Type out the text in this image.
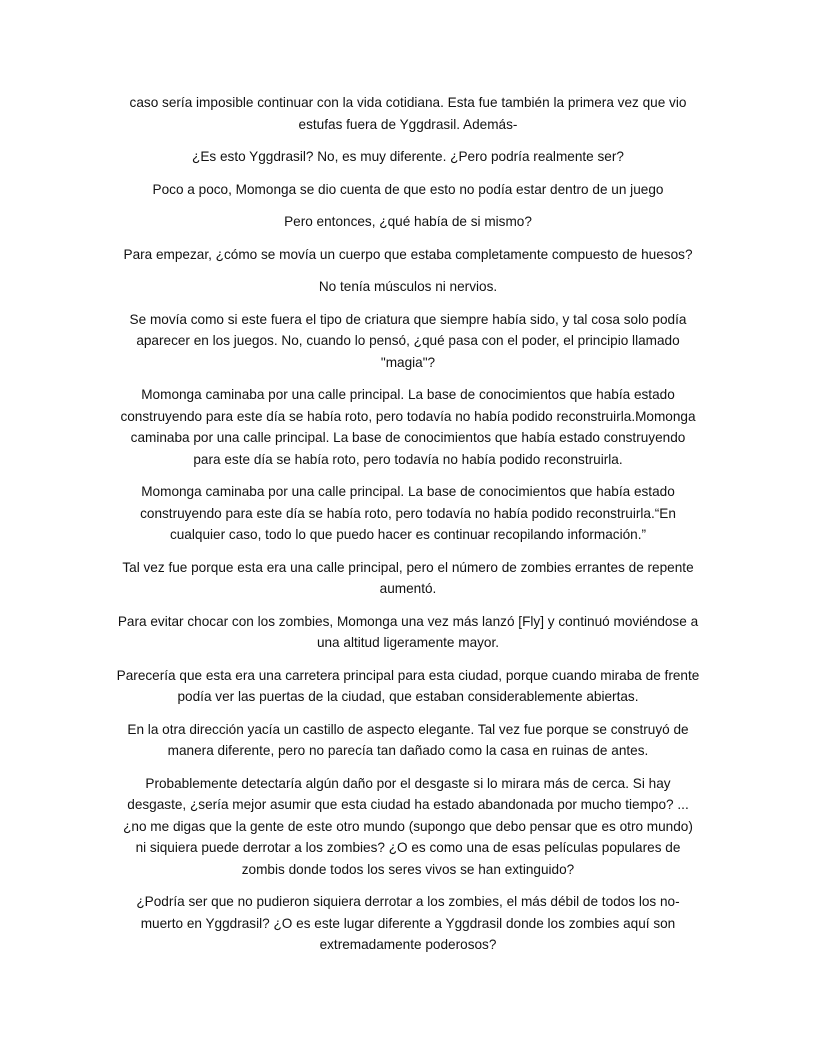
caso sería imposible continuar con la vida cotidiana. Esta fue también la primera vez que vio estufas fuera de Yggdrasil. Además-

¿Es esto Yggdrasil? No, es muy diferente. ¿Pero podría realmente ser?

Poco a poco, Momonga se dio cuenta de que esto no podía estar dentro de un juego

Pero entonces, ¿qué había de si mismo?

Para empezar, ¿cómo se movía un cuerpo que estaba completamente compuesto de huesos?

No tenía músculos ni nervios.

Se movía como si este fuera el tipo de criatura que siempre había sido, y tal cosa solo podía aparecer en los juegos. No, cuando lo pensó, ¿qué pasa con el poder, el principio llamado "magia"?

Momonga caminaba por una calle principal. La base de conocimientos que había estado construyendo para este día se había roto, pero todavía no había podido reconstruirla.Momonga caminaba por una calle principal. La base de conocimientos que había estado construyendo para este día se había roto, pero todavía no había podido reconstruirla.

Momonga caminaba por una calle principal. La base de conocimientos que había estado construyendo para este día se había roto, pero todavía no había podido reconstruirla.“En cualquier caso, todo lo que puedo hacer es continuar recopilando información.”

Tal vez fue porque esta era una calle principal, pero el número de zombies errantes de repente aumentó.

Para evitar chocar con los zombies, Momonga una vez más lanzó [Fly] y continuó moviéndose a una altitud ligeramente mayor.

Parecería que esta era una carretera principal para esta ciudad, porque cuando miraba de frente podía ver las puertas de la ciudad, que estaban considerablemente abiertas.

En la otra dirección yacía un castillo de aspecto elegante. Tal vez fue porque se construyó de manera diferente, pero no parecía tan dañado como la casa en ruinas de antes.

Probablemente detectaría algún daño por el desgaste si lo mirara más de cerca. Si hay desgaste, ¿sería mejor asumir que esta ciudad ha estado abandonada por mucho tiempo? ... ¿no me digas que la gente de este otro mundo (supongo que debo pensar que es otro mundo) ni siquiera puede derrotar a los zombies? ¿O es como una de esas películas populares de zombis donde todos los seres vivos se han extinguido?

¿Podría ser que no pudieron siquiera derrotar a los zombies, el más débil de todos los no-muerto en Yggdrasil? ¿O es este lugar diferente a Yggdrasil donde los zombies aquí son extremadamente poderosos?
